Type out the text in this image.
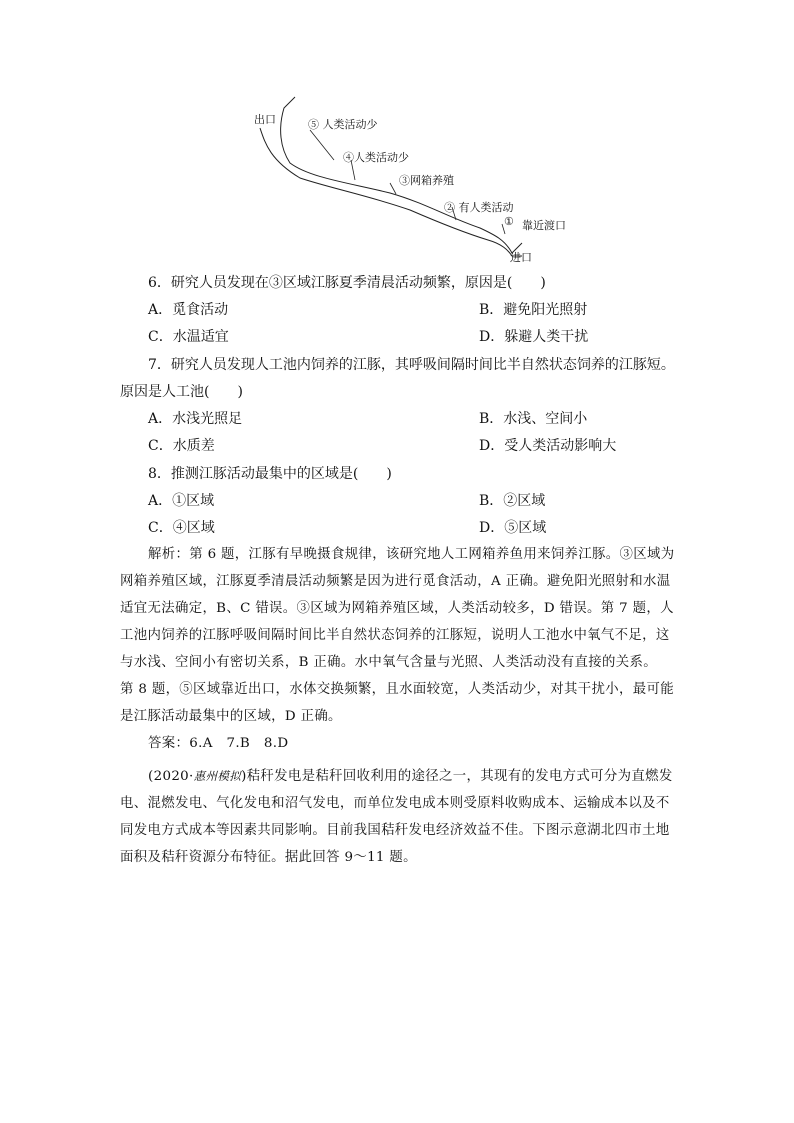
出口	⑤ 人类活动少
④人类活动少
③网箱养殖
② 有人类活动
① 靠近渡口
进口
6．研究人员发现在③区域江豚夏季清晨活动频繁，原因是(　　)
A．觅食活动	B．避免阳光照射
C．水温适宜	D．躲避人类干扰
7．研究人员发现人工池内饲养的江豚，其呼吸间隔时间比半自然状态饲养的江豚短。
原因是人工池(　　)
A．水浅光照足	B．水浅、空间小
C．水质差	D．受人类活动影响大
8．推测江豚活动最集中的区域是(　　)
A．①区域	B．②区域
C．④区域	D．⑤区域

解析：第 6 题，江豚有早晚摄食规律，该研究地人工网箱养鱼用来饲养江豚。③区域为

网箱养殖区域，江豚夏季清晨活动频繁是因为进行觅食活动，A 正确。避免阳光照射和水温

适宜无法确定，B、C 错误。③区域为网箱养殖区域，人类活动较多，D 错误。第 7 题，人

工池内饲养的江豚呼吸间隔时间比半自然状态饲养的江豚短，说明人工池水中氧气不足，这

与水浅、空间小有密切关系，B 正确。水中氧气含量与光照、人类活动没有直接的关系。

第 8 题，⑤区域靠近出口，水体交换频繁，且水面较宽，人类活动少，对其干扰小，最可能

是江豚活动最集中的区域，D 正确。

答案：6.A　7.B　8.D

(2020·惠州模拟)秸秆发电是秸秆回收利用的途径之一，其现有的发电方式可分为直燃发

电、混燃发电、气化发电和沼气发电，而单位发电成本则受原料收购成本、运输成本以及不

同发电方式成本等因素共同影响。目前我国秸秆发电经济效益不佳。下图示意湖北四市土地

面积及秸秆资源分布特征。据此回答 9～11 题。
